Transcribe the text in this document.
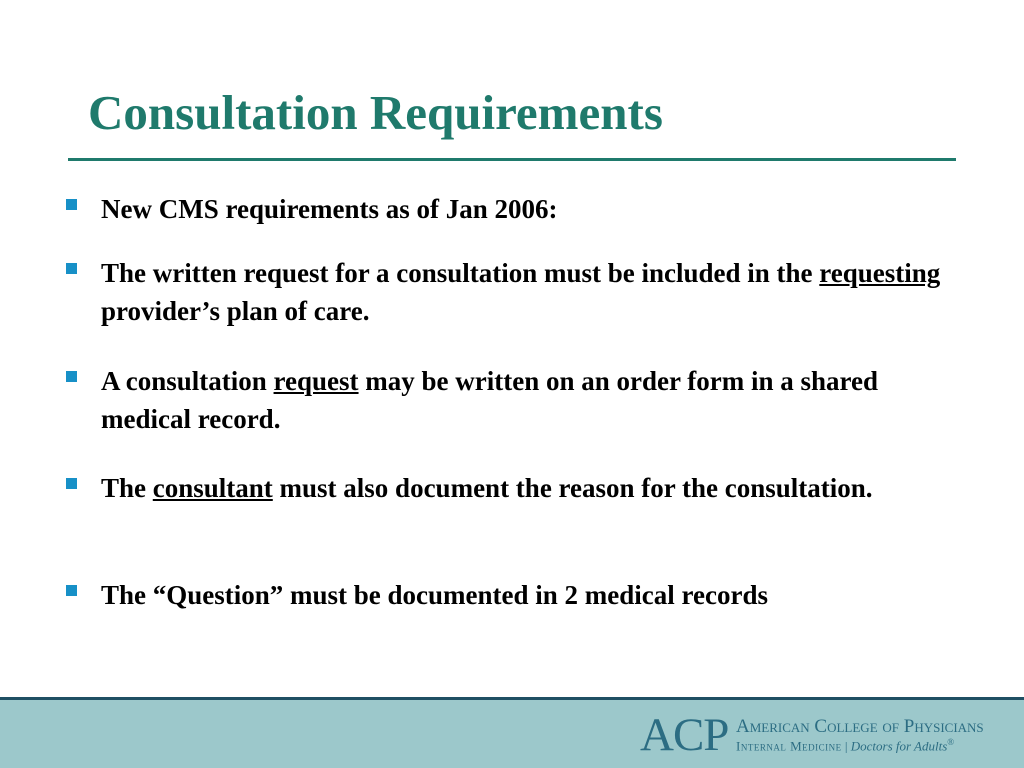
Consultation Requirements
New CMS requirements as of Jan 2006:
The written request for a consultation must be included in the requesting provider’s plan of care.
A consultation request may be written on an order form in a shared medical record.
The consultant must also document the reason for the consultation.
The “Question” must be documented in 2 medical records
ACP American College of Physicians
Internal Medicine | Doctors for Adults®
